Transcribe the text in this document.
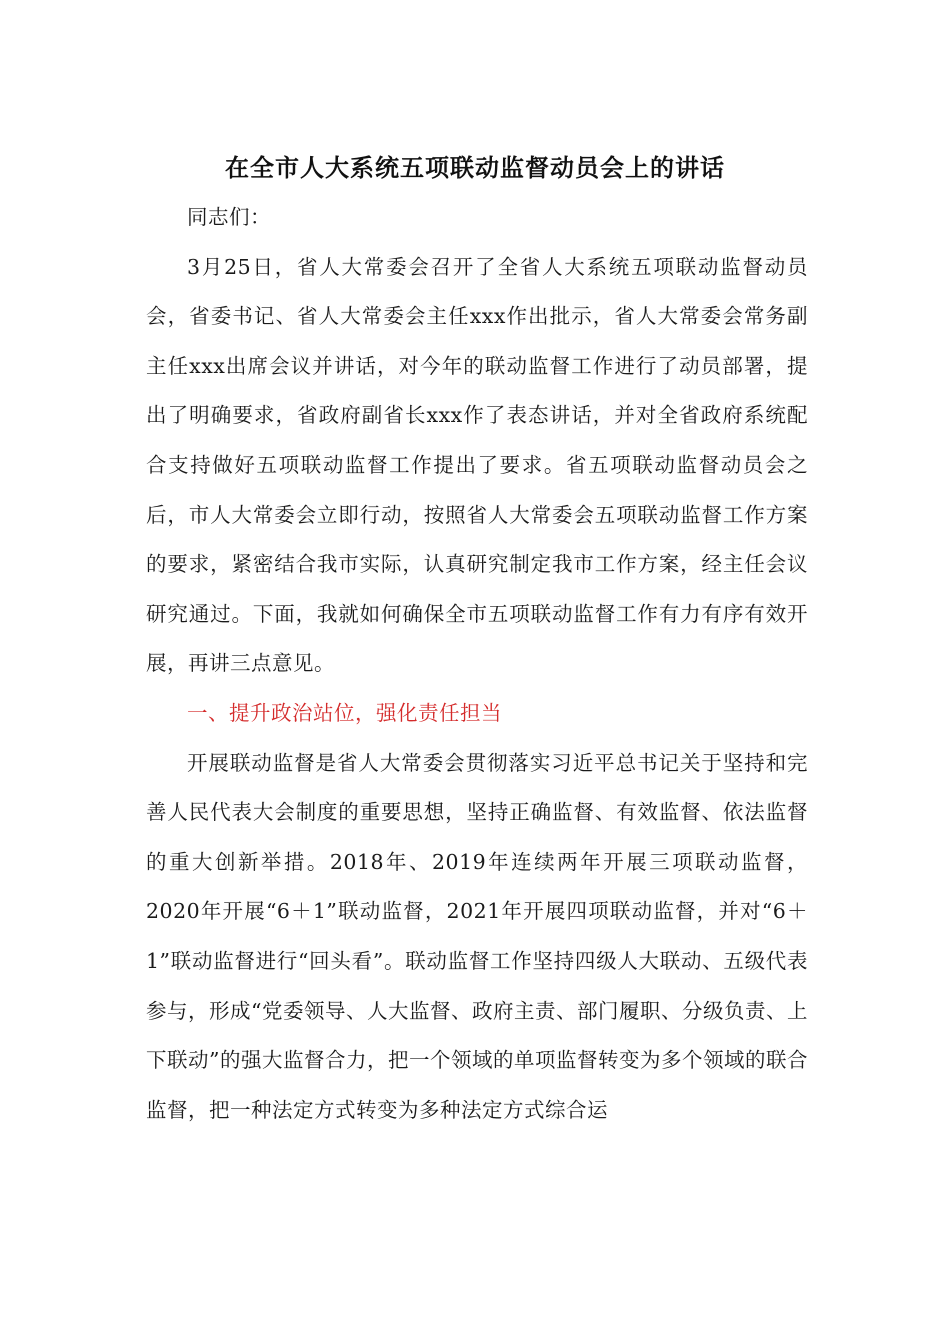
在全市人大系统五项联动监督动员会上的讲话

同志们：

3月25日，省人大常委会召开了全省人大系统五项联动监督动员会，省委书记、省人大常委会主任xxx作出批示，省人大常委会常务副主任xxx出席会议并讲话，对今年的联动监督工作进行了动员部署，提出了明确要求，省政府副省长xxx作了表态讲话，并对全省政府系统配合支持做好五项联动监督工作提出了要求。省五项联动监督动员会之后，市人大常委会立即行动，按照省人大常委会五项联动监督工作方案的要求，紧密结合我市实际，认真研究制定我市工作方案，经主任会议研究通过。下面，我就如何确保全市五项联动监督工作有力有序有效开展，再讲三点意见。

一、提升政治站位，强化责任担当

开展联动监督是省人大常委会贯彻落实习近平总书记关于坚持和完善人民代表大会制度的重要思想，坚持正确监督、有效监督、依法监督的重大创新举措。2018年、2019年连续两年开展三项联动监督，2020年开展“6＋1”联动监督，2021年开展四项联动监督，并对“6＋1”联动监督进行“回头看”。联动监督工作坚持四级人大联动、五级代表参与，形成“党委领导、人大监督、政府主责、部门履职、分级负责、上下联动”的强大监督合力，把一个领域的单项监督转变为多个领域的联合监督，把一种法定方式转变为多种法定方式综合运
